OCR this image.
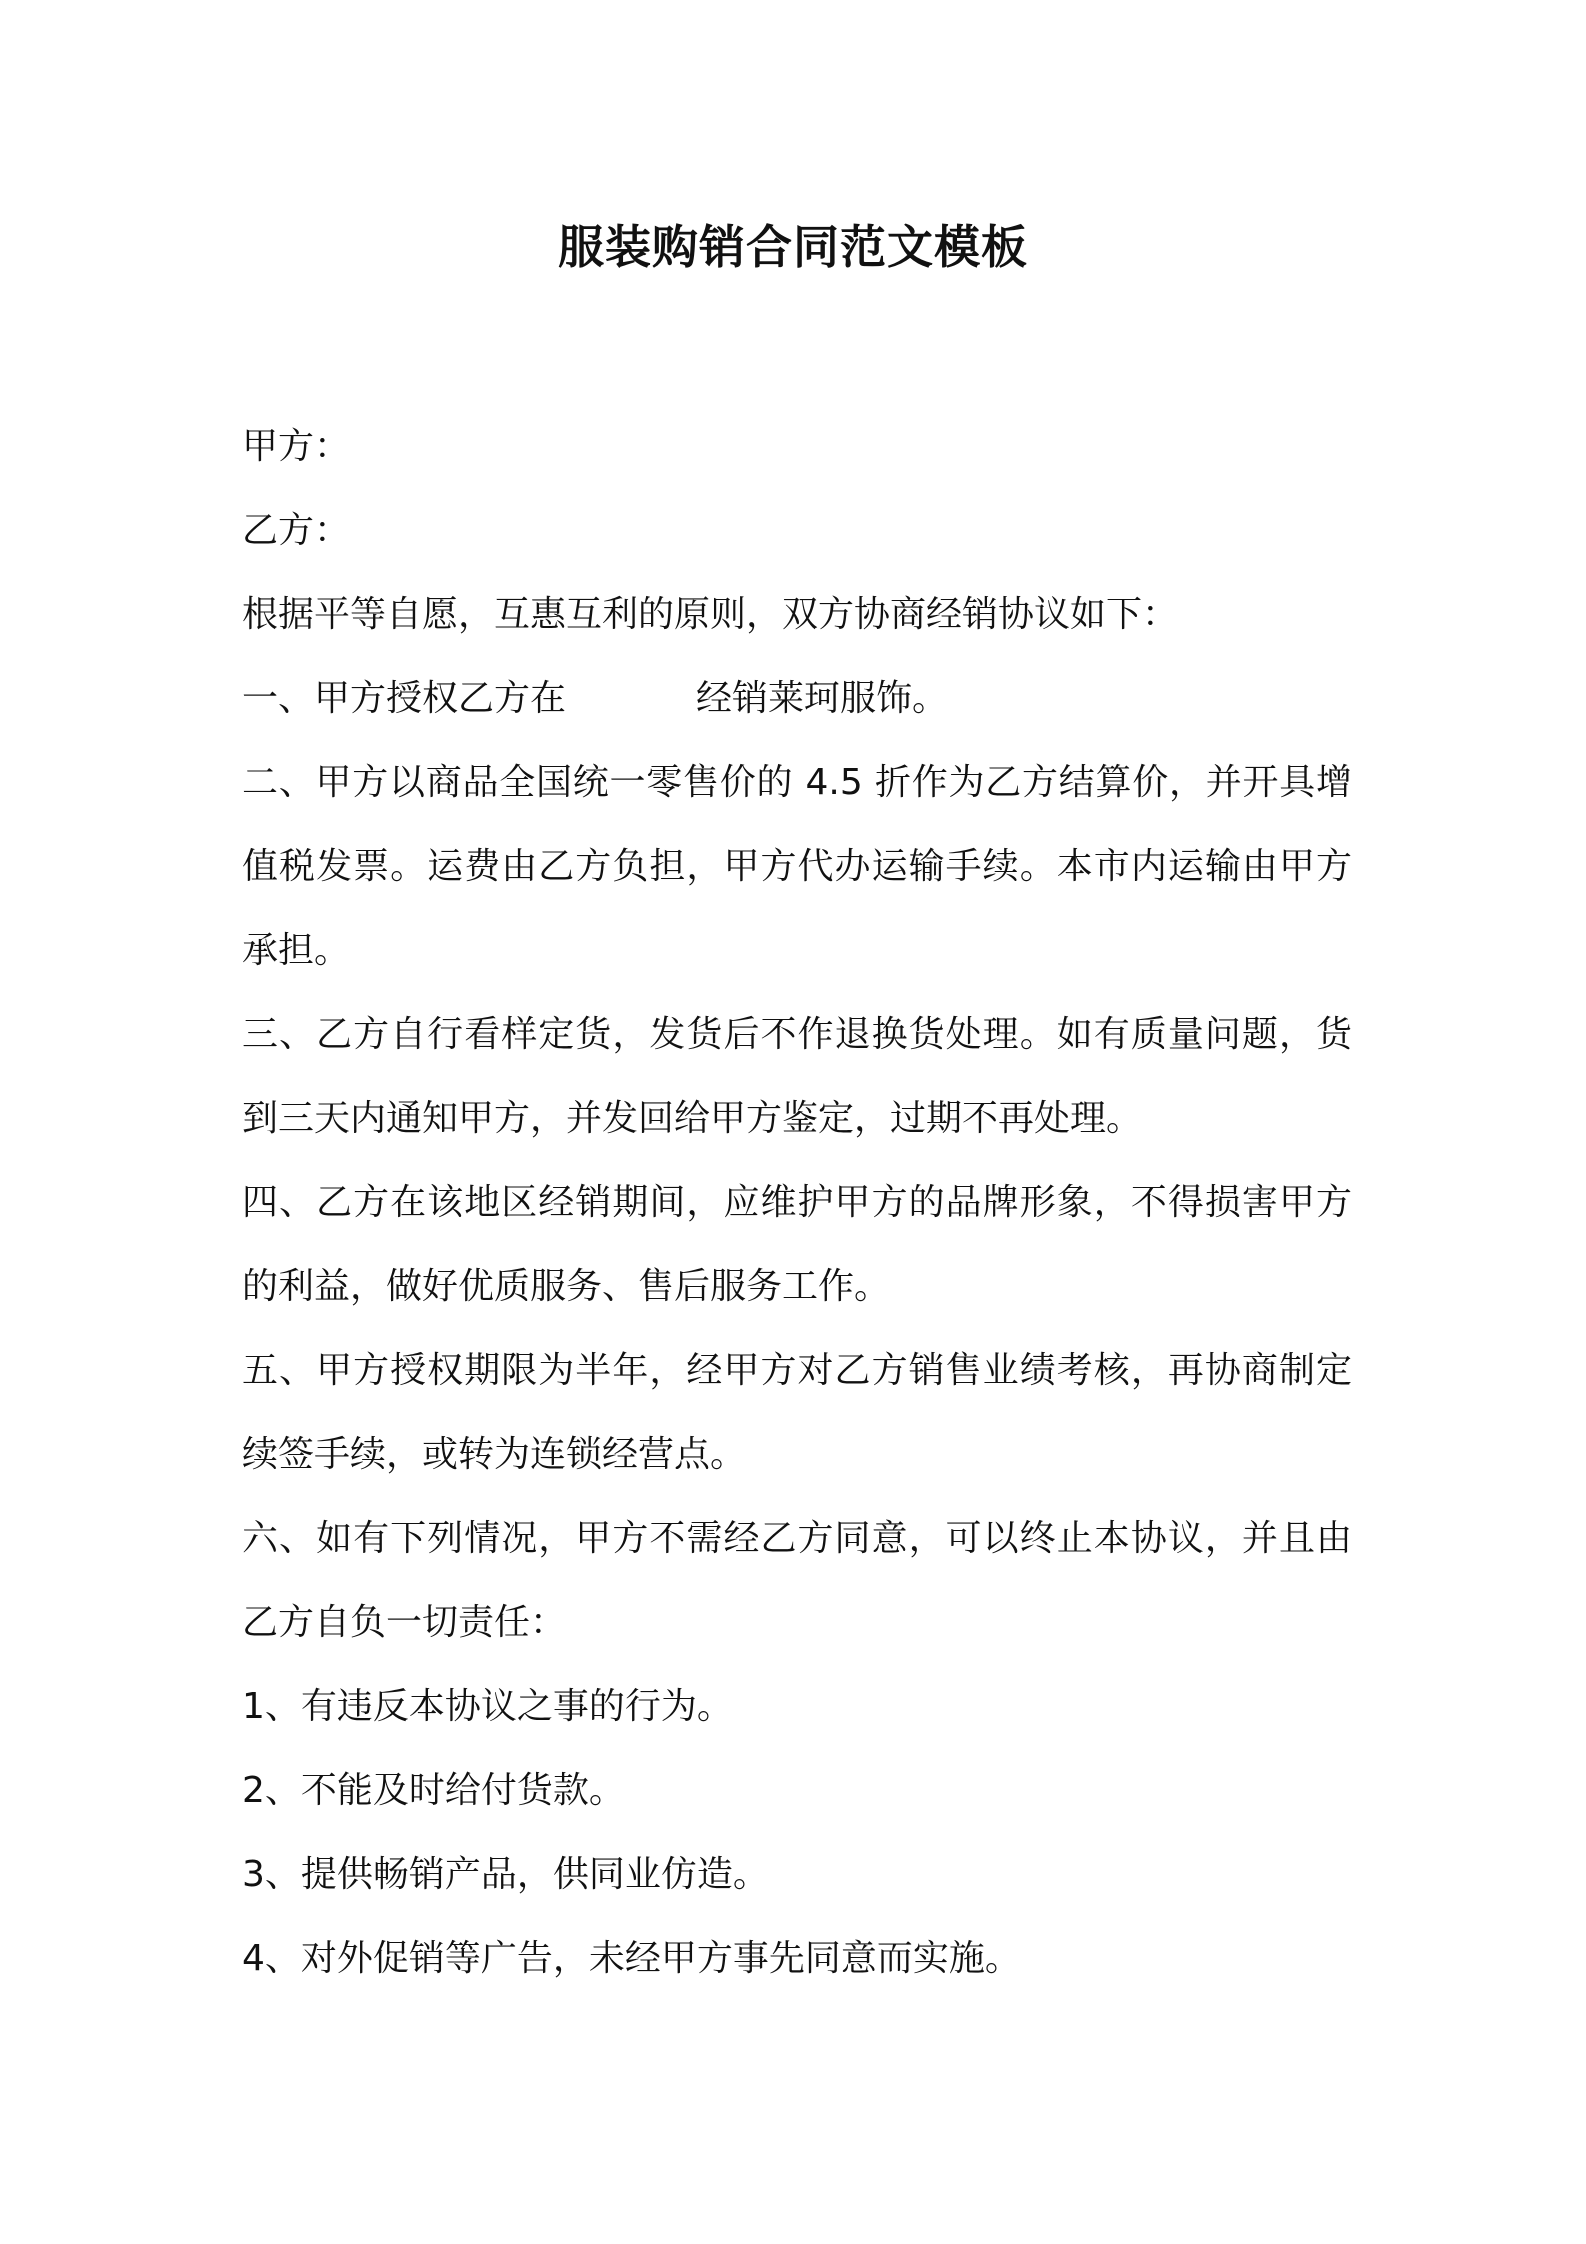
服装购销合同范文模板

甲方：

乙方：

根据平等自愿，互惠互利的原则，双方协商经销协议如下：

一、甲方授权乙方在	经销莱珂服饰。

二、甲方以商品全国统一零售价的 4.5 折作为乙方结算价，并开具增值税发票。运费由乙方负担，甲方代办运输手续。本市内运输由甲方承担。

三、乙方自行看样定货，发货后不作退换货处理。如有质量问题，货到三天内通知甲方，并发回给甲方鉴定，过期不再处理。

四、乙方在该地区经销期间，应维护甲方的品牌形象，不得损害甲方的利益，做好优质服务、售后服务工作。

五、甲方授权期限为半年，经甲方对乙方销售业绩考核，再协商制定续签手续，或转为连锁经营点。

六、如有下列情况，甲方不需经乙方同意，可以终止本协议，并且由乙方自负一切责任：

1、有违反本协议之事的行为。

2、不能及时给付货款。

3、提供畅销产品，供同业仿造。

4、对外促销等广告，未经甲方事先同意而实施。
